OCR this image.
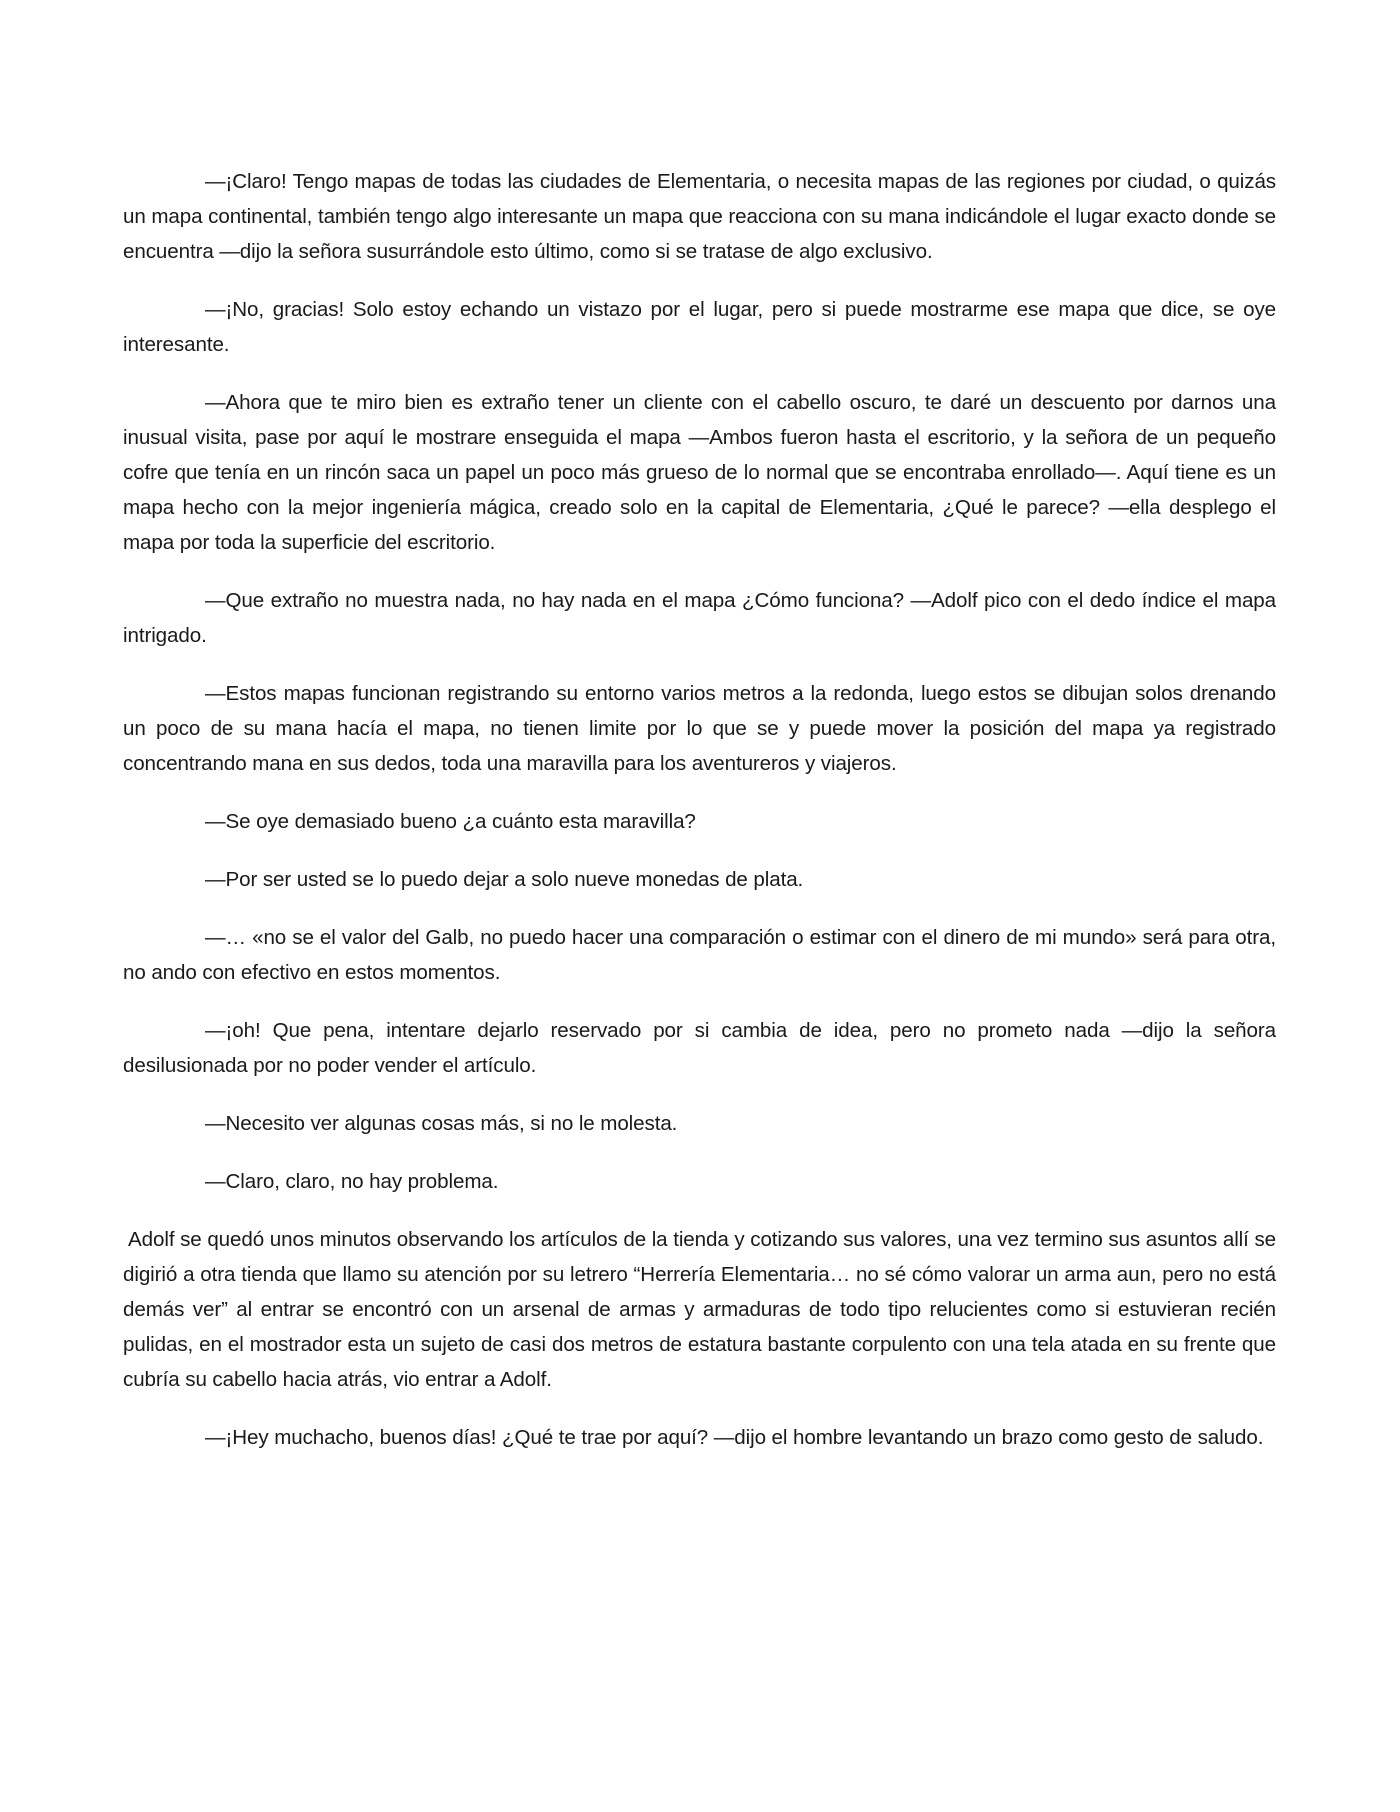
—¡Claro! Tengo mapas de todas las ciudades de Elementaria, o necesita mapas de las regiones por ciudad, o quizás un mapa continental, también tengo algo interesante un mapa que reacciona con su mana indicándole el lugar exacto donde se encuentra —dijo la señora susurrándole esto último, como si se tratase de algo exclusivo.

—¡No, gracias! Solo estoy echando un vistazo por el lugar, pero si puede mostrarme ese mapa que dice, se oye interesante.

—Ahora que te miro bien es extraño tener un cliente con el cabello oscuro, te daré un descuento por darnos una inusual visita, pase por aquí le mostrare enseguida el mapa —Ambos fueron hasta el escritorio, y la señora de un pequeño cofre que tenía en un rincón saca un papel un poco más grueso de lo normal que se encontraba enrollado—. Aquí tiene es un mapa hecho con la mejor ingeniería mágica, creado solo en la capital de Elementaria, ¿Qué le parece? —ella desplego el mapa por toda la superficie del escritorio.

—Que extraño no muestra nada, no hay nada en el mapa ¿Cómo funciona? —Adolf pico con el dedo índice el mapa intrigado.

—Estos mapas funcionan registrando su entorno varios metros a la redonda, luego estos se dibujan solos drenando un poco de su mana hacía el mapa, no tienen limite por lo que se y puede mover la posición del mapa ya registrado concentrando mana en sus dedos, toda una maravilla para los aventureros y viajeros.

—Se oye demasiado bueno ¿a cuánto esta maravilla?

—Por ser usted se lo puedo dejar a solo nueve monedas de plata.

—… «no se el valor del Galb, no puedo hacer una comparación o estimar con el dinero de mi mundo» será para otra, no ando con efectivo en estos momentos.

—¡oh! Que pena, intentare dejarlo reservado por si cambia de idea, pero no prometo nada —dijo la señora desilusionada por no poder vender el artículo.

—Necesito ver algunas cosas más, si no le molesta.

—Claro, claro, no hay problema.

Adolf se quedó unos minutos observando los artículos de la tienda y cotizando sus valores, una vez termino sus asuntos allí se digirió a otra tienda que llamo su atención por su letrero “Herrería Elementaria… no sé cómo valorar un arma aun, pero no está demás ver” al entrar se encontró con un arsenal de armas y armaduras de todo tipo relucientes como si estuvieran recién pulidas, en el mostrador esta un sujeto de casi dos metros de estatura bastante corpulento con una tela atada en su frente que cubría su cabello hacia atrás, vio entrar a Adolf.

—¡Hey muchacho, buenos días! ¿Qué te trae por aquí? —dijo el hombre levantando un brazo como gesto de saludo.
